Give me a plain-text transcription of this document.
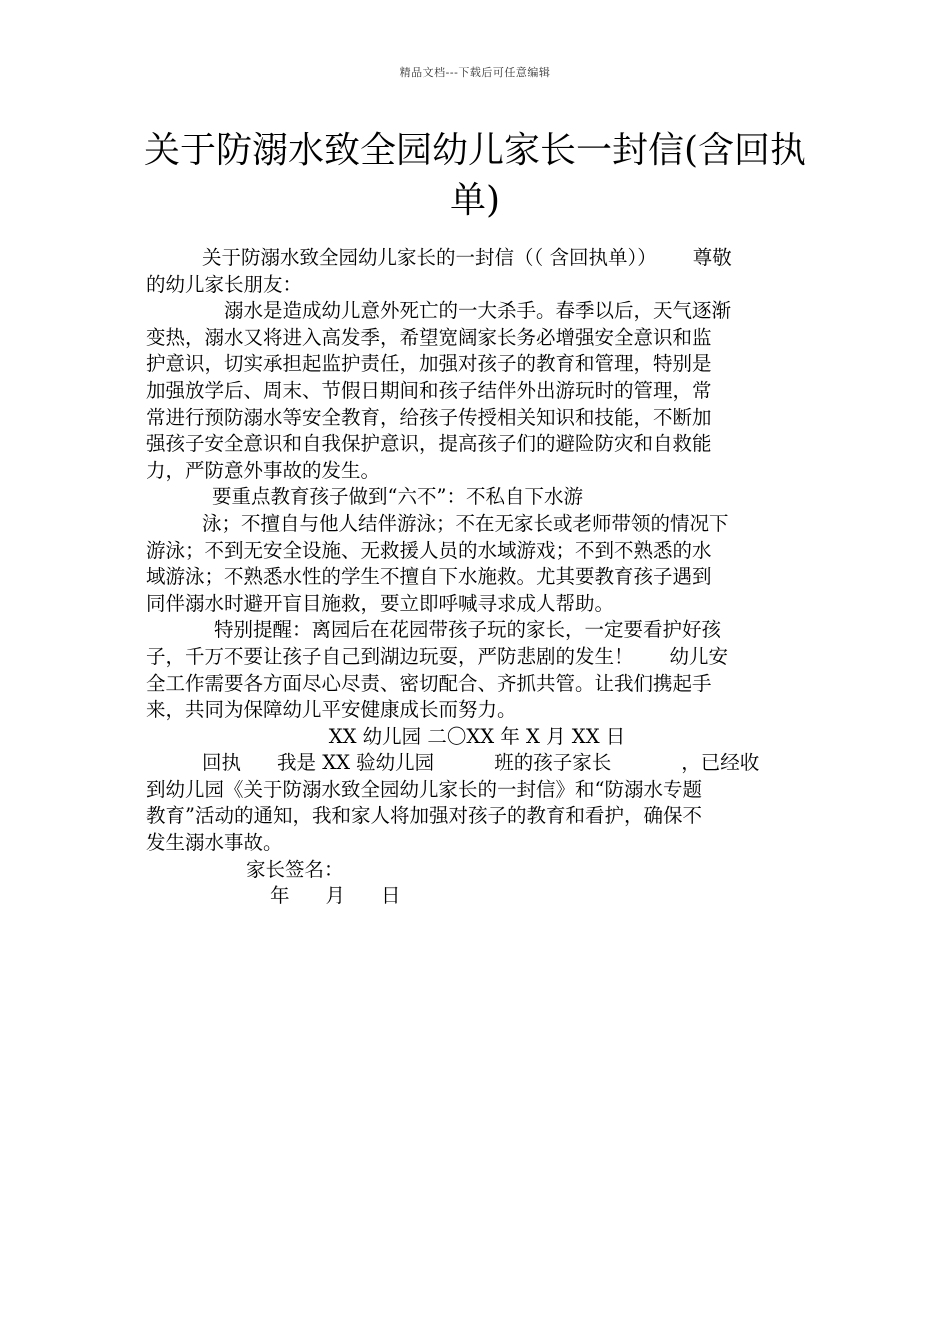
精品文档---下载后可任意编辑
关于防溺水致全园幼儿家长一封信(含回执
单)
关于防溺水致全园幼儿家长的一封信（（ 含回执单）） 尊敬
的幼儿家长朋友：
溺水是造成幼儿意外死亡的一大杀手。春季以后，天气逐渐
变热，溺水又将进入高发季，希望宽阔家长务必增强安全意识和监
护意识，切实承担起监护责任，加强对孩子的教育和管理，特别是
加强放学后、周末、节假日期间和孩子结伴外出游玩时的管理，常
常进行预防溺水等安全教育，给孩子传授相关知识和技能，不断加
强孩子安全意识和自我保护意识，提高孩子们的避险防灾和自救能
力，严防意外事故的发生。
要重点教育孩子做到“六不”：不私自下水游
泳；不擅自与他人结伴游泳；不在无家长或老师带领的情况下
游泳；不到无安全设施、无救援人员的水域游戏；不到不熟悉的水
域游泳；不熟悉水性的学生不擅自下水施救。尤其要教育孩子遇到
同伴溺水时避开盲目施救，要立即呼喊寻求成人帮助。
特别提醒：离园后在花园带孩子玩的家长，一定要看护好孩
子，千万不要让孩子自己到湖边玩耍，严防悲剧的发生！ 幼儿安
全工作需要各方面尽心尽责、密切配合、齐抓共管。让我们携起手
来，共同为保障幼儿平安健康成长而努力。
XX 幼儿园 二〇XX 年 X 月 XX 日
回执 我是 XX 验幼儿园	班的孩子家长	，已经收
到幼儿园《关于防溺水致全园幼儿家长的一封信》和“防溺水专题
教育”活动的通知，我和家人将加强对孩子的教育和看护，确保不
发生溺水事故。
家长签名：
年 月 日
